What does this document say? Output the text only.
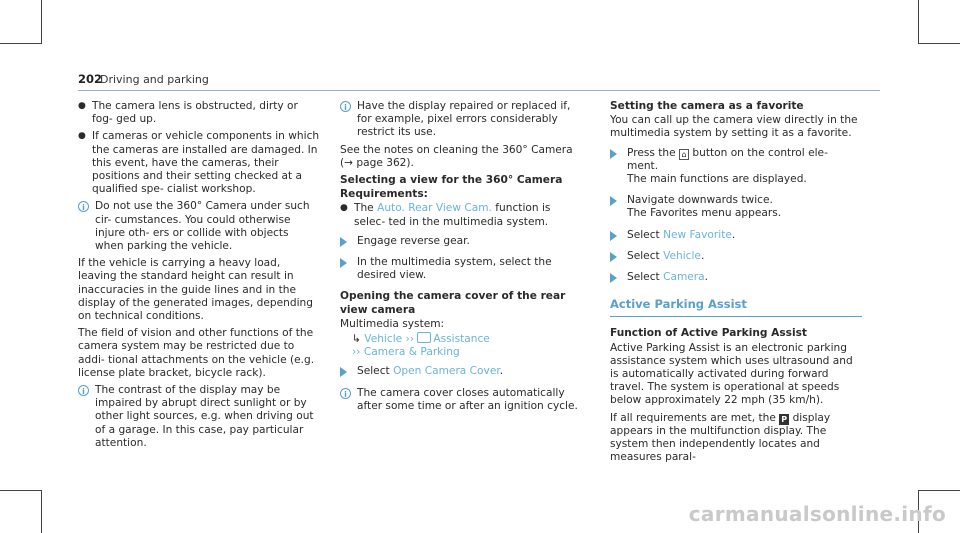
202
Driving and parking
● The camera lens is obstructed, dirty or fog- ged up.
● If cameras or vehicle components in which the cameras are installed are damaged. In this event, have the cameras, their positions and their setting checked at a qualified spe- cialist workshop.
i Do not use the 360° Camera under such cir- cumstances. You could otherwise injure oth- ers or collide with objects when parking the vehicle.

If the vehicle is carrying a heavy load, leaving the standard height can result in inaccuracies in the guide lines and in the display of the generated images, depending on technical conditions.

The field of vision and other functions of the camera system may be restricted due to addi- tional attachments on the vehicle (e.g. license plate bracket, bicycle rack).

i The contrast of the display may be impaired by abrupt direct sunlight or by other light sources, e.g. when driving out of a garage. In this case, pay particular attention.
i Have the display repaired or replaced if, for example, pixel errors considerably restrict its use.

See the notes on cleaning the 360° Camera (→ page 362).

Selecting a view for the 360° Camera
Requirements:
● The Auto. Rear View Cam. function is selec- ted in the multimedia system.
Engage reverse gear.
In the multimedia system, select the desired view.
Opening the camera cover of the rear view camera

Multimedia system:

↳ Vehicle ›› Assistance
›› Camera & Parking
Select Open Camera Cover.
i The camera cover closes automatically after some time or after an ignition cycle.
Setting the camera as a favorite

You can call up the camera view directly in the multimedia system by setting it as a favorite.

Press the ⌂ button on the control ele- ment.
The main functions are displayed.
Navigate downwards twice.
The Favorites menu appears.
Select New Favorite.
Select Vehicle.
Select Camera.
Active Parking Assist
Function of Active Parking Assist

Active Parking Assist is an electronic parking assistance system which uses ultrasound and is automatically activated during forward travel. The system is operational at speeds below approximately 22 mph (35 km/h).

If all requirements are met, the P display appears in the multifunction display. The system then independently locates and measures paral-

carmanualsonline.info
